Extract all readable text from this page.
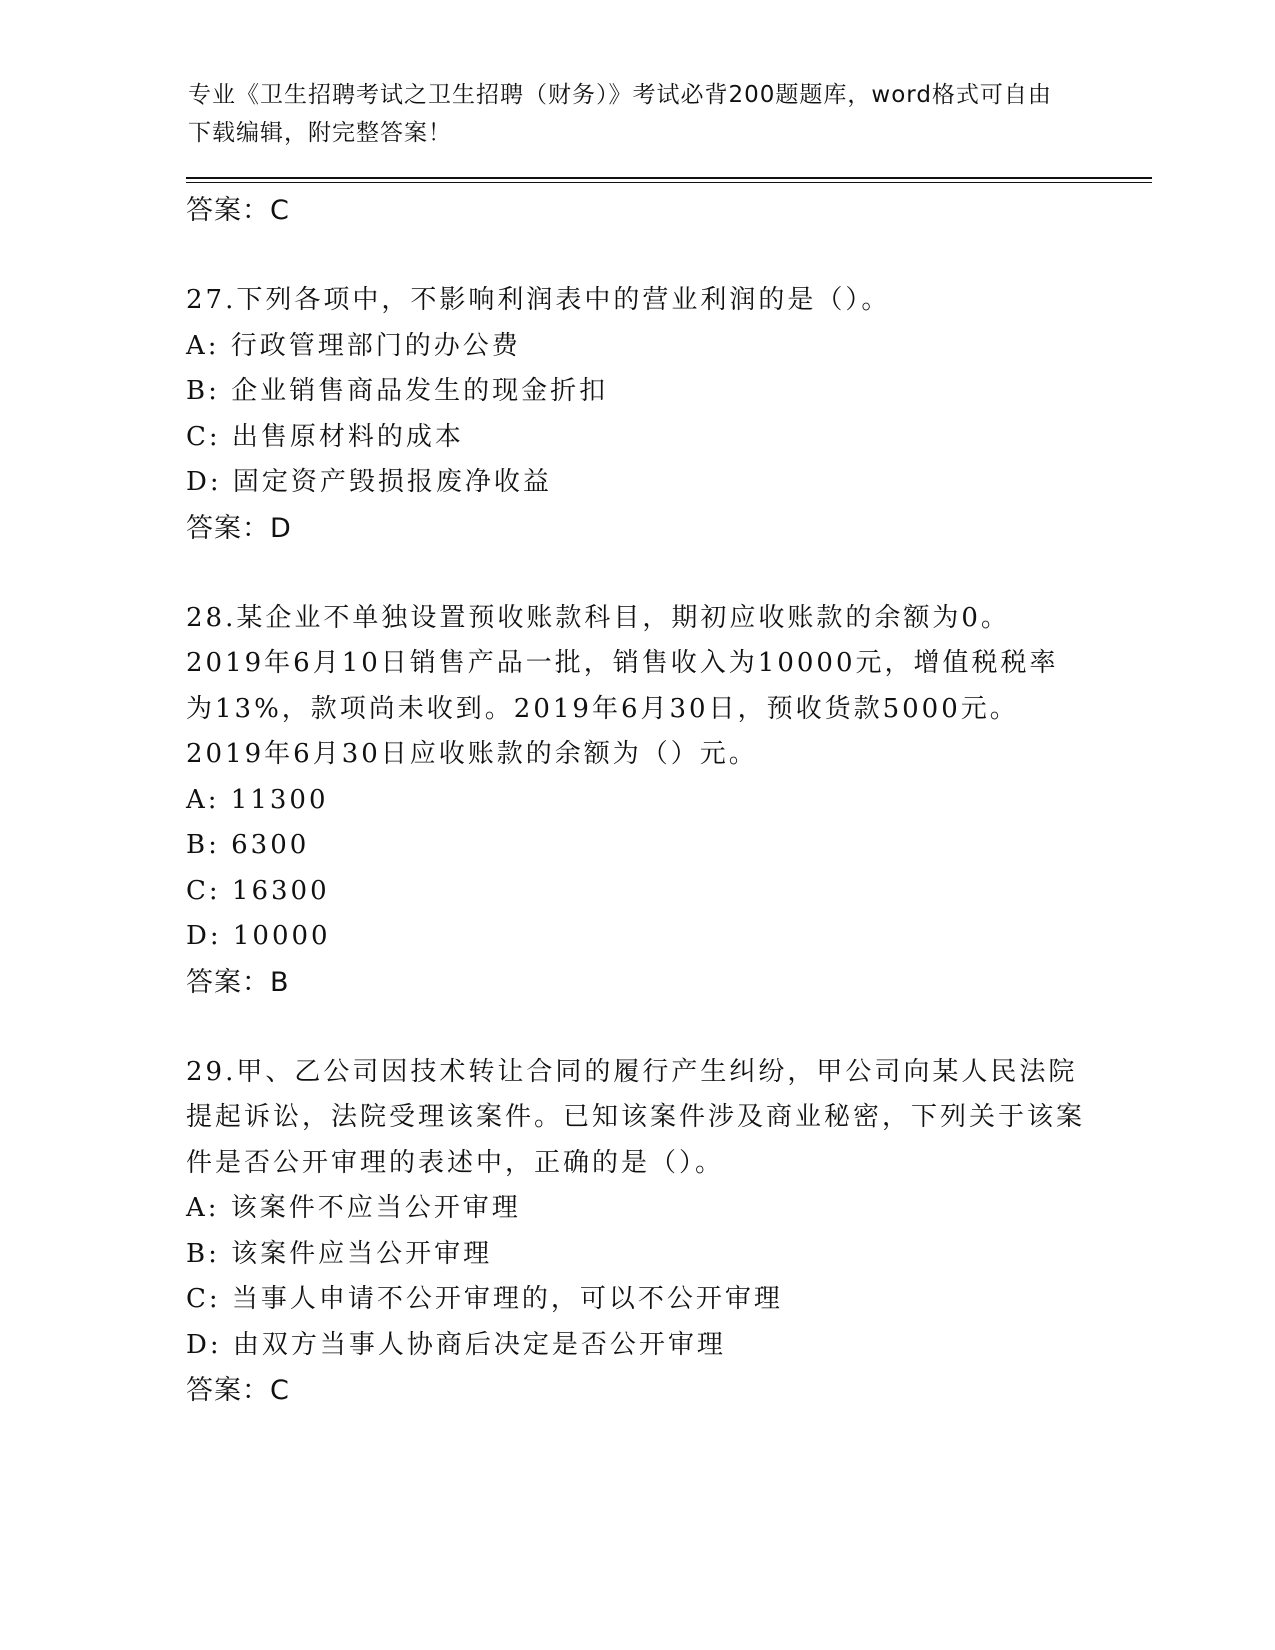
专业《卫生招聘考试之卫生招聘（财务）》考试必背200题题库，word格式可自由下载编辑，附完整答案！
答案：C
27.下列各项中，不影响利润表中的营业利润的是（）。
A: 行政管理部门的办公费
B: 企业销售商品发生的现金折扣
C: 出售原材料的成本
D: 固定资产毁损报废净收益
答案：D
28.某企业不单独设置预收账款科目，期初应收账款的余额为0。2019年6月10日销售产品一批，销售收入为10000元，增值税税率为13%，款项尚未收到。2019年6月30日，预收货款5000元。2019年6月30日应收账款的余额为（）元。
A: 11300
B: 6300
C: 16300
D: 10000
答案：B
29.甲、乙公司因技术转让合同的履行产生纠纷，甲公司向某人民法院提起诉讼，法院受理该案件。已知该案件涉及商业秘密，下列关于该案件是否公开审理的表述中，正确的是（）。
A: 该案件不应当公开审理
B: 该案件应当公开审理
C: 当事人申请不公开审理的，可以不公开审理
D: 由双方当事人协商后决定是否公开审理
答案：C
